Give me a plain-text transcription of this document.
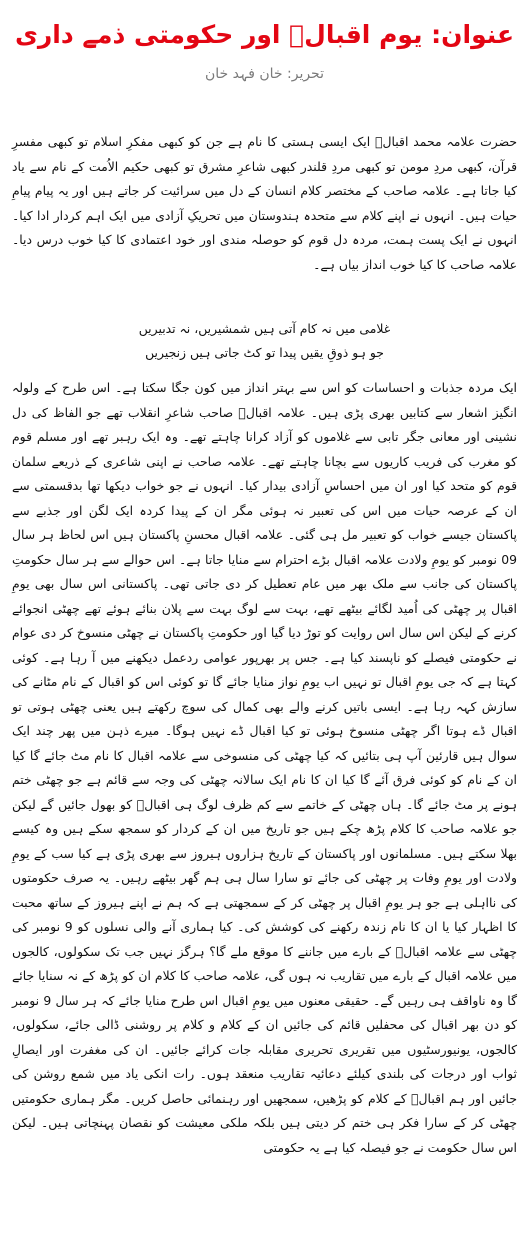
عنوان: یوم اقبالؒ اور حکومتی ذمے داری
تحریر: خان فہد خان

حضرت علامہ محمد اقبالؒ ایک ایسی ہستی کا نام ہے جن کو کبھی مفکرِ اسلام تو کبھی مفسرِ قرآن، کبھی مردِ مومن تو کبھی مردِ قلندر کبھی شاعرِ مشرق تو کبھی حکیم الاُمت کے نام سے یاد کیا جاتا ہے۔ علامہ صاحب کے مختصر کلام انسان کے دل میں سرائیت کر جاتے ہیں اور یہ پیام پیامِ حیات ہیں۔ انہوں نے اپنے کلام سے متحدہ ہندوستان میں تحریکِ آزادی میں ایک اہم کردار ادا کیا۔ انہوں نے ایک پست ہمت، مردہ دل قوم کو حوصلہ مندی اور خود اعتمادی کا کیا خوب درس دیا۔ علامہ صاحب کا کیا خوب انداز بیاں ہے۔

غلامی میں نہ کام آتی ہیں شمشیریں، نہ تدبیریں
جو ہو ذوقِ یقیں پیدا تو کٹ جاتی ہیں زنجیریں

ایک مردہ جذبات و احساسات کو اس سے بہتر انداز میں کون جگا سکتا ہے۔ اس طرح کے ولولہ انگیز اشعار سے کتابیں بھری پڑی ہیں۔ علامہ اقبالؒ صاحب شاعرِ انقلاب تھے جو الفاظ کی دل نشینی اور معانی جگر تابی سے غلاموں کو آزاد کرانا چاہتے تھے۔ وہ ایک رہبر تھے اور مسلم قوم کو مغرب کی فریب کاریوں سے بچانا چاہتے تھے۔ علامہ صاحب نے اپنی شاعری کے ذریعے سلمان قوم کو متحد کیا اور ان میں احساسِ آزادی بیدار کیا۔ انہوں نے جو خواب دیکھا تھا بدقسمتی سے ان کے عرصہ حیات میں اس کی تعبیر نہ ہوئی مگر ان کے پیدا کردہ ایک لگن اور جذبے سے پاکستان جیسے خواب کو تعبیر مل ہی گئی۔ علامہ اقبال محسنِ پاکستان ہیں اس لحاظ ہر سال 09 نومبر کو یومِ ولادت علامہ اقبال بڑے احترام سے منایا جاتا ہے۔ اس حوالے سے ہر سال حکومتِ پاکستان کی جانب سے ملک بھر میں عام تعطیل کر دی جاتی تھی۔ پاکستانی اس سال بھی یومِ اقبال پر چھٹی کی اُمید لگائے بیٹھے تھے، بہت سے لوگ بہت سے پلان بنائے ہوئے تھے چھٹی انجوائے کرنے کے لیکن اس سال اس روایت کو توڑ دیا گیا اور حکومتِ پاکستان نے چھٹی منسوخ کر دی عوام نے حکومتی فیصلے کو ناپسند کیا ہے۔ جس پر بھرپور عوامی ردعمل دیکھنے میں آ رہا ہے۔ کوئی کہتا ہے کہ جی یومِ اقبال تو نہیں اب یومِ نواز منایا جائے گا تو کوئی اس کو اقبال کے نام مٹانے کی سازش کہہ رہا ہے۔ ایسی باتیں کرنے والے بھی کمال کی سوچ رکھتے ہیں یعنی چھٹی ہوتی تو اقبال ڈے ہوتا اگر چھٹی منسوخ ہوئی تو کیا اقبال ڈے نہیں ہوگا۔ میرے ذہن میں پھر چند ایک سوال ہیں قارئین آپ ہی بتائیں کہ کیا چھٹی کی منسوخی سے علامہ اقبال کا نام مٹ جائے گا کیا ان کے نام کو کوئی فرق آئے گا کیا ان کا نام ایک سالانہ چھٹی کی وجہ سے قائم ہے جو چھٹی ختم ہونے پر مٹ جائے گا۔ ہاں چھٹی کے خاتمے سے کم ظرف لوگ ہی اقبالؒ کو بھول جائیں گے لیکن جو علامہ صاحب کا کلام پڑھ چکے ہیں جو تاریخ میں ان کے کردار کو سمجھ سکے ہیں وہ کیسے بھلا سکتے ہیں۔ مسلمانوں اور پاکستان کے تاریخ ہزاروں ہیروز سے بھری پڑی ہے کیا سب کے یومِ ولادت اور یومِ وفات پر چھٹی کی جائے تو سارا سال ہی ہم گھر بیٹھے رہیں۔ یہ صرف حکومتوں کی نااہلی ہے جو ہر یومِ اقبال پر چھٹی کر کے سمجھتی ہے کہ ہم نے اپنے ہیروز کے ساتھ محبت کا اظہار کیا یا ان کا نام زندہ رکھنے کی کوشش کی۔ کیا ہماری آنے والی نسلوں کو 9 نومبر کی چھٹی سے علامہ اقبالؒ کے بارے میں جاننے کا موقع ملے گا؟ ہرگز نہیں جب تک سکولوں، کالجوں میں علامہ اقبال کے بارے میں تقاریب نہ ہوں گی، علامہ صاحب کا کلام ان کو پڑھ کے نہ سنایا جائے گا وہ ناواقف ہی رہیں گے۔ حقیقی معنوں میں یومِ اقبال اس طرح منایا جائے کہ ہر سال 9 نومبر کو دن بھر اقبال کی محفلیں قائم کی جائیں ان کے کلام و کلام پر روشنی ڈالی جائے، سکولوں، کالجوں، یونیورسٹیوں میں تقریری تحریری مقابلہ جات کرائے جائیں۔ ان کی مغفرت اور ایصالِ ثواب اور درجات کی بلندی کیلئے دعائیہ تقاریب منعقد ہوں۔ رات انکی یاد میں شمع روشن کی جائیں اور ہم اقبالؒ کے کلام کو پڑھیں، سمجھیں اور رہنمائی حاصل کریں۔ مگر ہماری حکومتیں چھٹی کر کے سارا فکر ہی ختم کر دیتی ہیں بلکہ ملکی معیشت کو نقصان پہنچاتی ہیں۔ لیکن اس سال حکومت نے جو فیصلہ کیا ہے یہ حکومتی
